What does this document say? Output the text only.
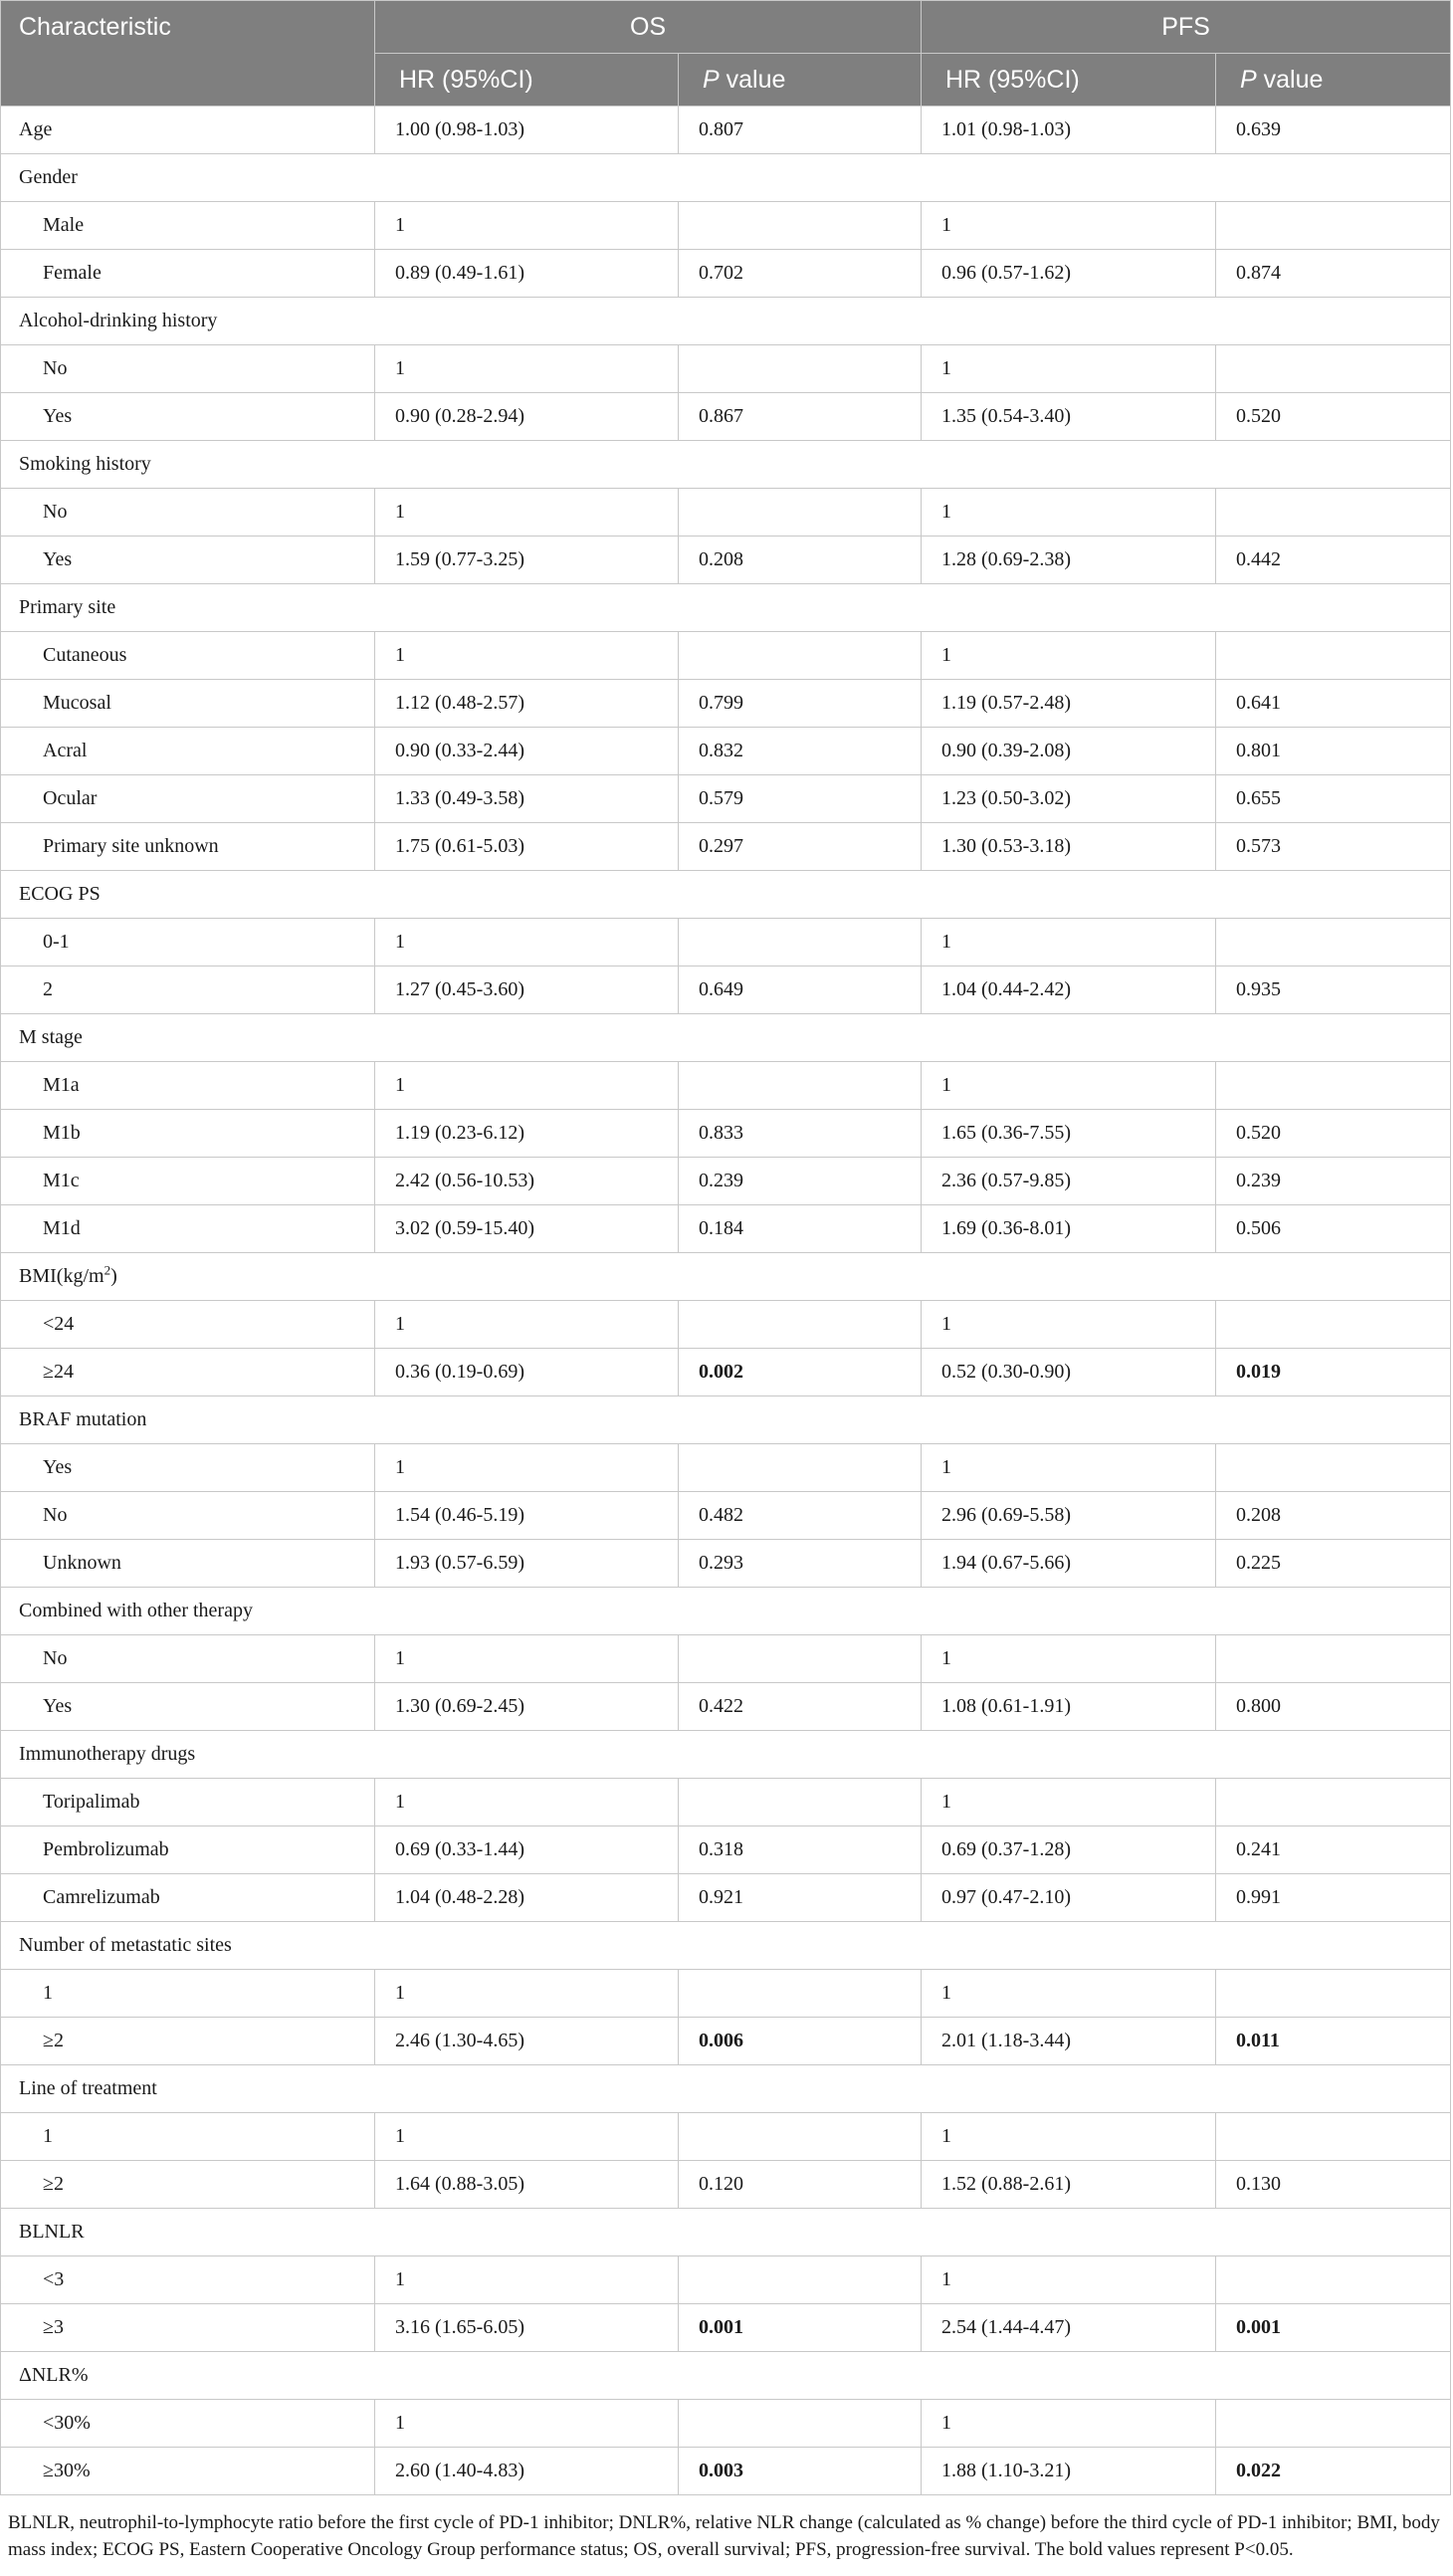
Characteristic	OS		PFS	
	HR (95%CI)	P value	HR (95%CI)	P value
Age	1.00 (0.98-1.03)	0.807	1.01 (0.98-1.03)	0.639
Gender				
Male	1		1	
Female	0.89 (0.49-1.61)	0.702	0.96 (0.57-1.62)	0.874
Alcohol-drinking history				
No	1		1	
Yes	0.90 (0.28-2.94)	0.867	1.35 (0.54-3.40)	0.520
Smoking history				
No	1		1	
Yes	1.59 (0.77-3.25)	0.208	1.28 (0.69-2.38)	0.442
Primary site				
Cutaneous	1		1	
Mucosal	1.12 (0.48-2.57)	0.799	1.19 (0.57-2.48)	0.641
Acral	0.90 (0.33-2.44)	0.832	0.90 (0.39-2.08)	0.801
Ocular	1.33 (0.49-3.58)	0.579	1.23 (0.50-3.02)	0.655
Primary site unknown	1.75 (0.61-5.03)	0.297	1.30 (0.53-3.18)	0.573
ECOG PS				
0-1	1		1	
2	1.27 (0.45-3.60)	0.649	1.04 (0.44-2.42)	0.935
M stage				
M1a	1		1	
M1b	1.19 (0.23-6.12)	0.833	1.65 (0.36-7.55)	0.520
M1c	2.42 (0.56-10.53)	0.239	2.36 (0.57-9.85)	0.239
M1d	3.02 (0.59-15.40)	0.184	1.69 (0.36-8.01)	0.506
$BMI(kg/m^2)$				
<24	1		1	
≥24	0.36 (0.19-0.69)	0.002	0.52 (0.30-0.90)	0.019
BRAF mutation				
Yes	1		1	
No	1.54 (0.46-5.19)	0.482	2.96 (0.69-5.58)	0.208
Unknown	1.93 (0.57-6.59)	0.293	1.94 (0.67-5.66)	0.225
Combined with other therapy				
No	1		1	
Yes	1.30 (0.69-2.45)	0.422	1.08 (0.61-1.91)	0.800
Immunotherapy drugs				
Toripalimab	1		1	
Pembrolizumab	0.69 (0.33-1.44)	0.318	0.69 (0.37-1.28)	0.241
Camrelizumab	1.04 (0.48-2.28)	0.921	0.97 (0.47-2.10)	0.991
Number of metastatic sites				
1	1		1	
≥2	2.46 (1.30-4.65)	0.006	2.01 (1.18-3.44)	0.011
Line of treatment				
1	1		1	
≥2	1.64 (0.88-3.05)	0.120	1.52 (0.88-2.61)	0.130
BLNLR				
<3	1		1	
≥3	3.16 (1.65-6.05)	0.001	2.54 (1.44-4.47)	0.001
ΔNLR%				
<30%	1		1	
≥30%	2.60 (1.40-4.83)	0.003	1.88 (1.10-3.21)	0.022

BLNLR, neutrophil-to-lymphocyte ratio before the first cycle of PD-1 inhibitor; DNLR%, relative NLR change (calculated as % change) before the third cycle of PD-1 inhibitor; BMI, body mass index; ECOG PS, Eastern Cooperative Oncology Group performance status; OS, overall survival; PFS, progression-free survival. The bold values represent P<0.05.
